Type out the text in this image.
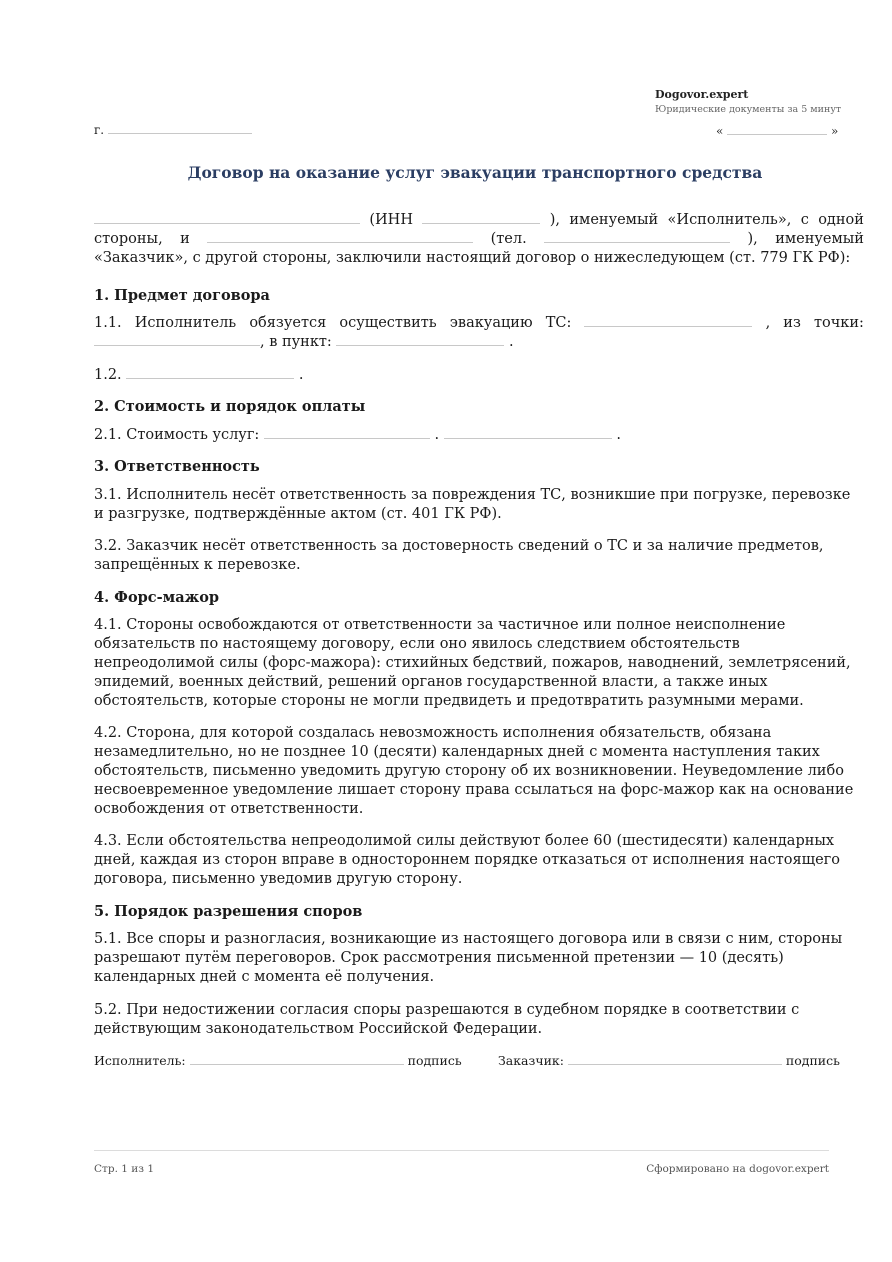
Dogovor.expert
Юридические документы за 5 минут
г.	«	»
Договор на оказание услуг эвакуации транспортного средства
(ИНН	), именуемый «Исполнитель», с одной
стороны, и	(тел.	), именуемый
«Заказчик», с другой стороны, заключили настоящий договор о нижеследующем (ст. 779 ГК РФ):
1. Предмет договора
1.1. Исполнитель обязуется осуществить эвакуацию ТС:	, из точки:
, в пункт:	.
1.2.	.
2. Стоимость и порядок оплаты
2.1. Стоимость услуг:	.	.
3. Ответственность
3.1. Исполнитель несёт ответственность за повреждения ТС, возникшие при погрузке, перевозке и разгрузке, подтверждённые актом (ст. 401 ГК РФ).
3.2. Заказчик несёт ответственность за достоверность сведений о ТС и за наличие предметов, запрещённых к перевозке.
4. Форс-мажор
4.1. Стороны освобождаются от ответственности за частичное или полное неисполнение обязательств по настоящему договору, если оно явилось следствием обстоятельств непреодолимой силы (форс-мажора): стихийных бедствий, пожаров, наводнений, землетрясений, эпидемий, военных действий, решений органов государственной власти, а также иных обстоятельств, которые стороны не могли предвидеть и предотвратить разумными мерами.
4.2. Сторона, для которой создалась невозможность исполнения обязательств, обязана незамедлительно, но не позднее 10 (десяти) календарных дней с момента наступления таких обстоятельств, письменно уведомить другую сторону об их возникновении. Неуведомление либо несвоевременное уведомление лишает сторону права ссылаться на форс-мажор как на основание освобождения от ответственности.
4.3. Если обстоятельства непреодолимой силы действуют более 60 (шестидесяти) календарных дней, каждая из сторон вправе в одностороннем порядке отказаться от исполнения настоящего договора, письменно уведомив другую сторону.
5. Порядок разрешения споров
5.1. Все споры и разногласия, возникающие из настоящего договора или в связи с ним, стороны разрешают путём переговоров. Срок рассмотрения письменной претензии — 10 (десять) календарных дней с момента её получения.
5.2. При недостижении согласия споры разрешаются в судебном порядке в соответствии с действующим законодательством Российской Федерации.
Исполнитель:	подпись	Заказчик:	подпись
Стр. 1 из 1	Сформировано на dogovor.expert
